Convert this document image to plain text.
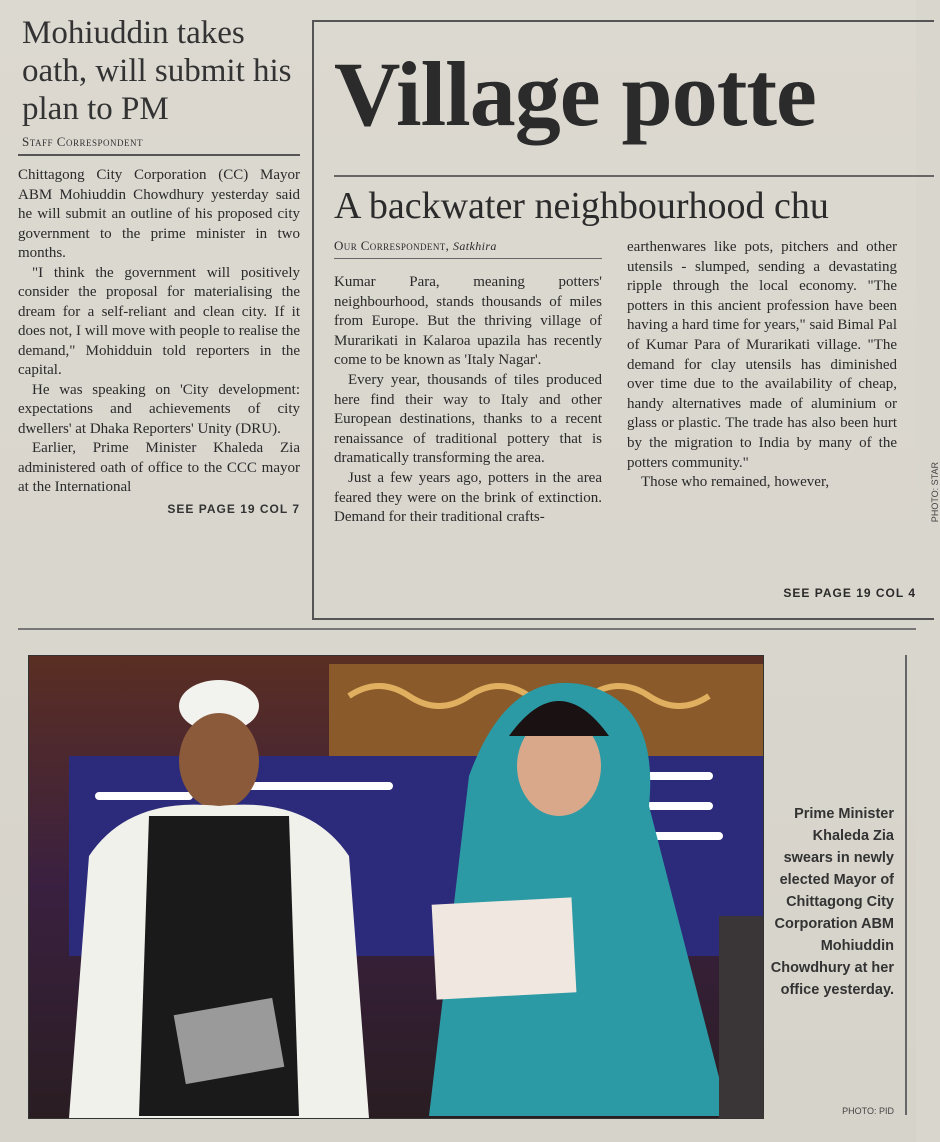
Mohiuddin takes oath, will submit his plan to PM
Staff Correspondent

Chittagong City Corporation (CC) Mayor ABM Mohiuddin Chowdhury yesterday said he will submit an outline of his proposed city government to the prime minister in two months.

"I think the government will positively consider the proposal for materialising the dream for a self-reliant and clean city. If it does not, I will move with people to realise the demand," Mohidduin told reporters in the capital.

He was speaking on 'City development: expectations and achievements of city dwellers' at Dhaka Reporters' Unity (DRU).

Earlier, Prime Minister Khaleda Zia administered oath of office to the CCC mayor at the International

SEE PAGE 19 COL 7
Village potte
A backwater neighbourhood chu
Our Correspondent, Satkhira

Kumar Para, meaning potters' neighbourhood, stands thousands of miles from Europe. But the thriving village of Murarikati in Kalaroa upazila has recently come to be known as 'Italy Nagar'.

Every year, thousands of tiles produced here find their way to Italy and other European destinations, thanks to a recent renaissance of traditional pottery that is dramatically transforming the area.

Just a few years ago, potters in the area feared they were on the brink of extinction. Demand for their traditional crafts-

earthenwares like pots, pitchers and other utensils - slumped, sending a devastating ripple through the local economy. "The potters in this ancient profession have been having a hard time for years," said Bimal Pal of Kumar Para of Murarikati village. "The demand for clay utensils has diminished over time due to the availability of cheap, handy alternatives made of aluminium or glass or plastic. The trade has also been hurt by the migration to India by many of the potters community."

Those who remained, however,	PHOTO: STAR
SEE PAGE 19 COL 4
Prime Minister Khaleda Zia swears in newly elected Mayor of Chittagong City Corporation ABM Mohiuddin Chowdhury at her office yesterday.
PHOTO: PID
